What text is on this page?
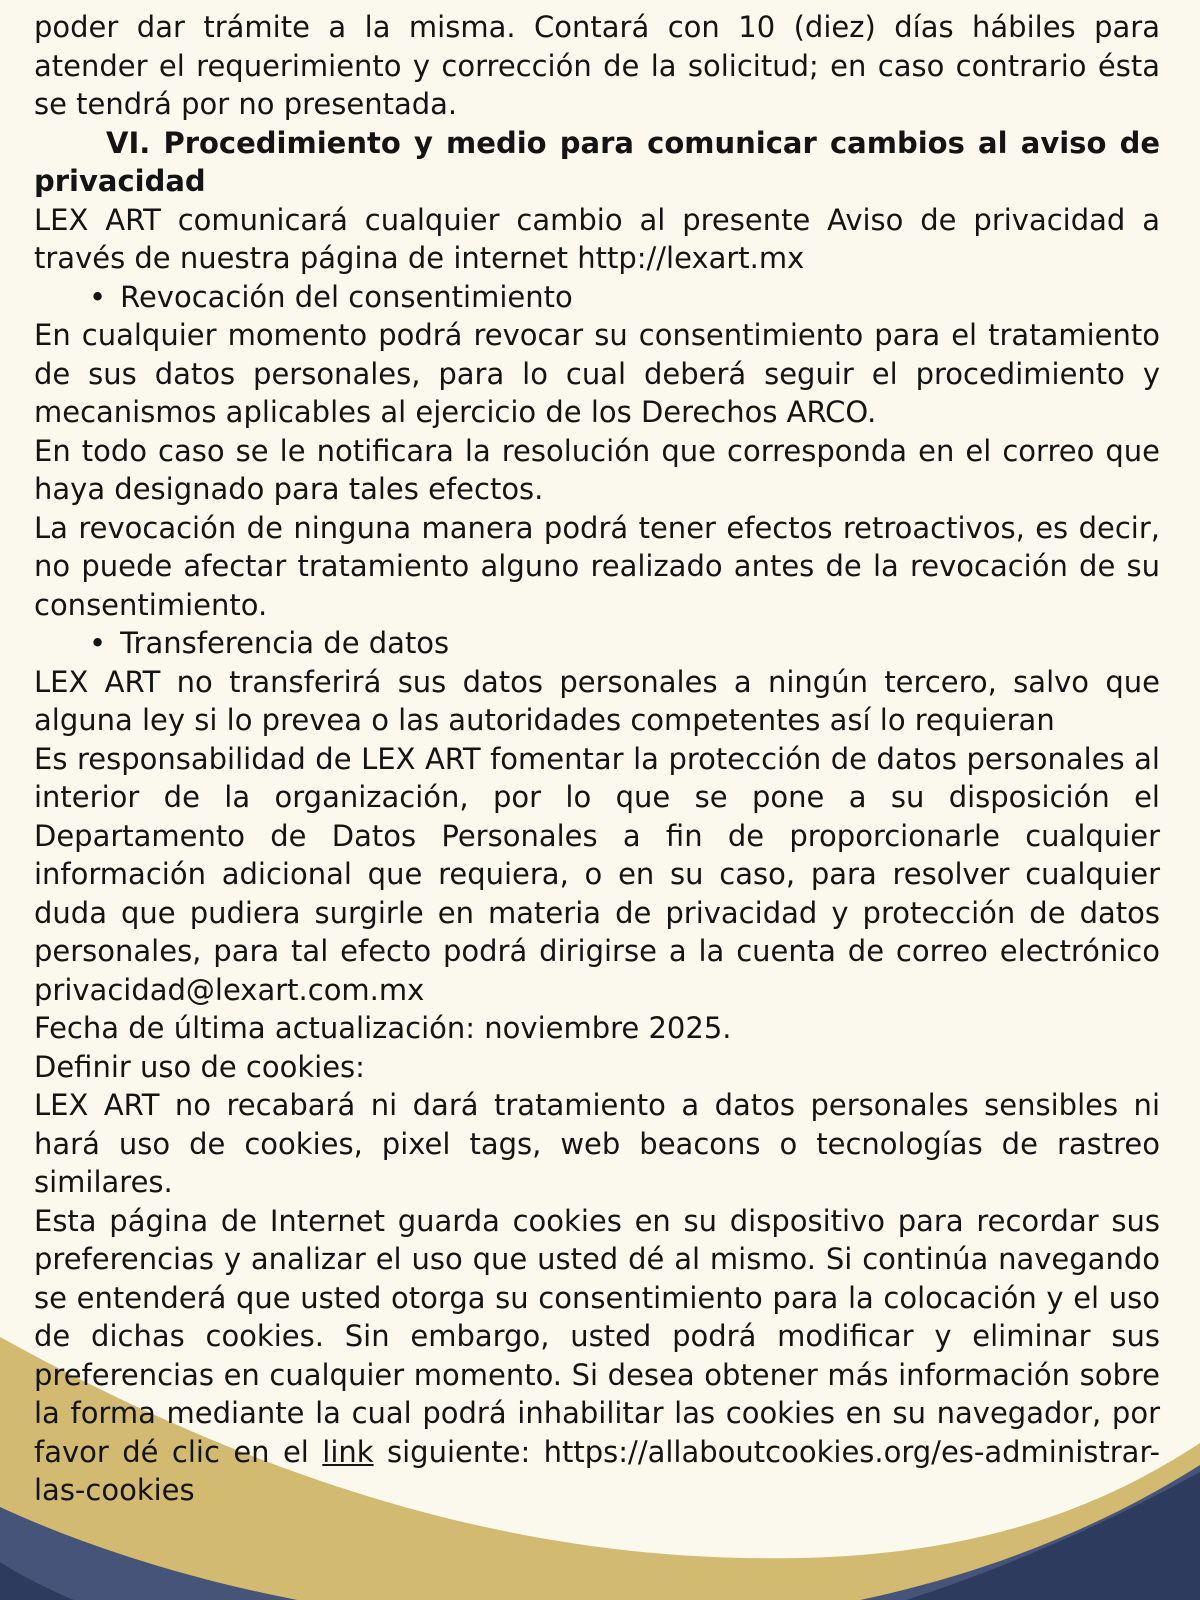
poder dar trámite a la misma. Contará con 10 (diez) días hábiles para atender el requerimiento y corrección de la solicitud; en caso contrario ésta se tendrá por no presentada.

VI. Procedimiento y medio para comunicar cambios al aviso de privacidad

LEX ART comunicará cualquier cambio al presente Aviso de privacidad a través de nuestra página de internet http://lexart.mx

• Revocación del consentimiento

En cualquier momento podrá revocar su consentimiento para el tratamiento de sus datos personales, para lo cual deberá seguir el procedimiento y mecanismos aplicables al ejercicio de los Derechos ARCO.

En todo caso se le notificara la resolución que corresponda en el correo que haya designado para tales efectos.

La revocación de ninguna manera podrá tener efectos retroactivos, es decir, no puede afectar tratamiento alguno realizado antes de la revocación de su consentimiento.

• Transferencia de datos

LEX ART no transferirá sus datos personales a ningún tercero, salvo que alguna ley si lo prevea o las autoridades competentes así lo requieran

Es responsabilidad de LEX ART fomentar la protección de datos personales al interior de la organización, por lo que se pone a su disposición el Departamento de Datos Personales a fin de proporcionarle cualquier información adicional que requiera, o en su caso, para resolver cualquier duda que pudiera surgirle en materia de privacidad y protección de datos personales, para tal efecto podrá dirigirse a la cuenta de correo electrónico privacidad@lexart.com.mx

Fecha de última actualización: noviembre 2025.

Definir uso de cookies:

LEX ART no recabará ni dará tratamiento a datos personales sensibles ni hará uso de cookies, pixel tags, web beacons o tecnologías de rastreo similares.

Esta página de Internet guarda cookies en su dispositivo para recordar sus preferencias y analizar el uso que usted dé al mismo. Si continúa navegando se entenderá que usted otorga su consentimiento para la colocación y el uso de dichas cookies. Sin embargo, usted podrá modificar y eliminar sus preferencias en cualquier momento. Si desea obtener más información sobre la forma mediante la cual podrá inhabilitar las cookies en su navegador, por favor dé clic en el link siguiente: https://allaboutcookies.org/es-administrar-las-cookies
